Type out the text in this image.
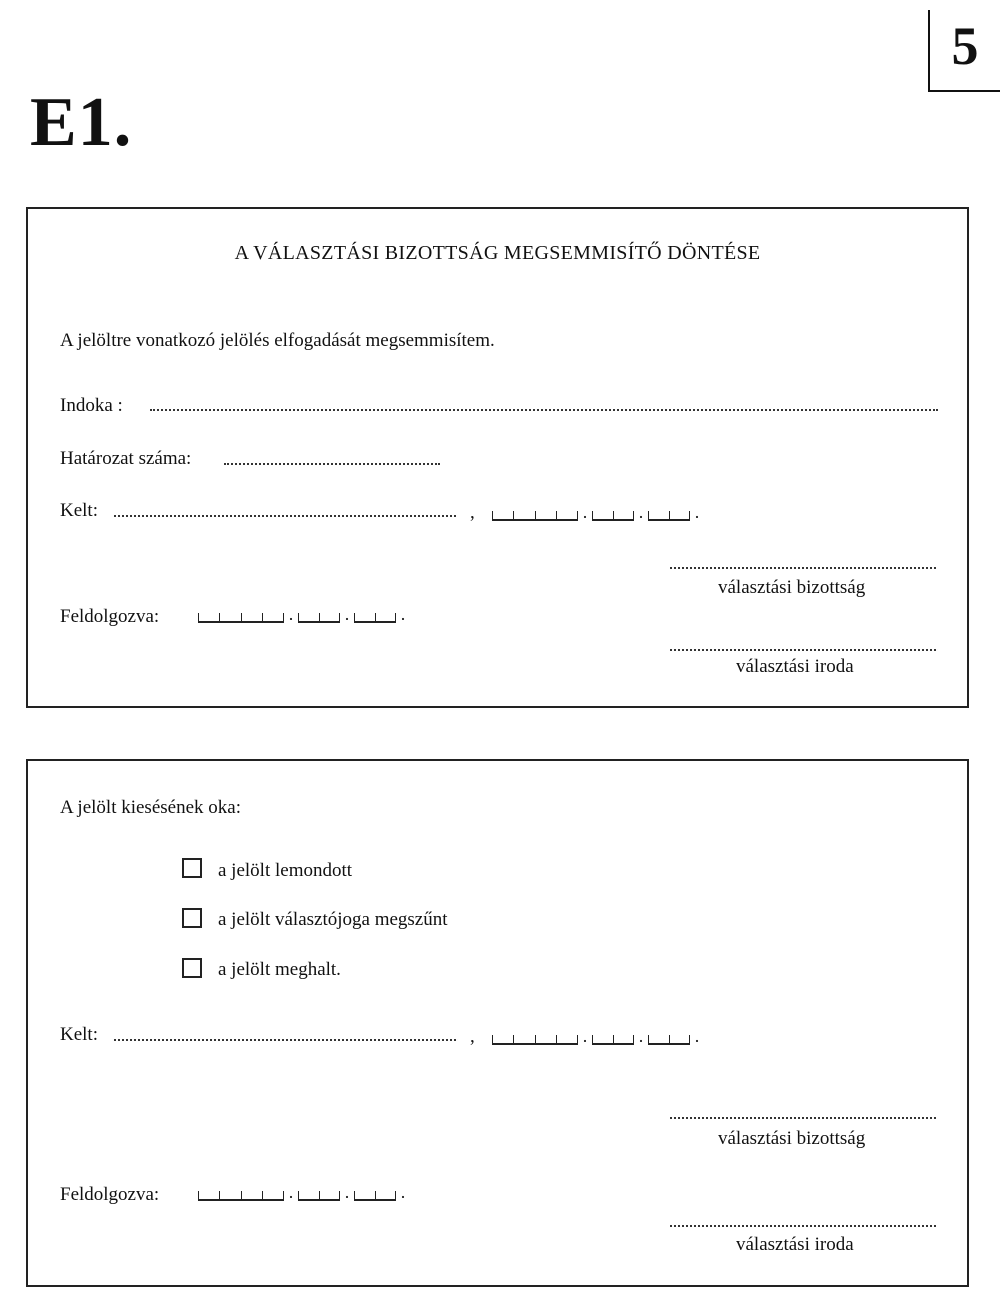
E1.
5
A VÁLASZTÁSI BIZOTTSÁG MEGSEMMISÍTŐ DÖNTÉSE
A jelöltre vonatkozó jelölés elfogadását megsemmisítem.
Indoka :
Határozat száma:
Kelt:	,	·	·	·
választási bizottság
Feldolgozva:	·	·	·
választási iroda
A jelölt kiesésének oka:
a jelölt lemondott
a jelölt választójoga megszűnt
a jelölt meghalt.
Kelt:	,	·	·	·
választási bizottság
Feldolgozva:	·	·	·
választási iroda
